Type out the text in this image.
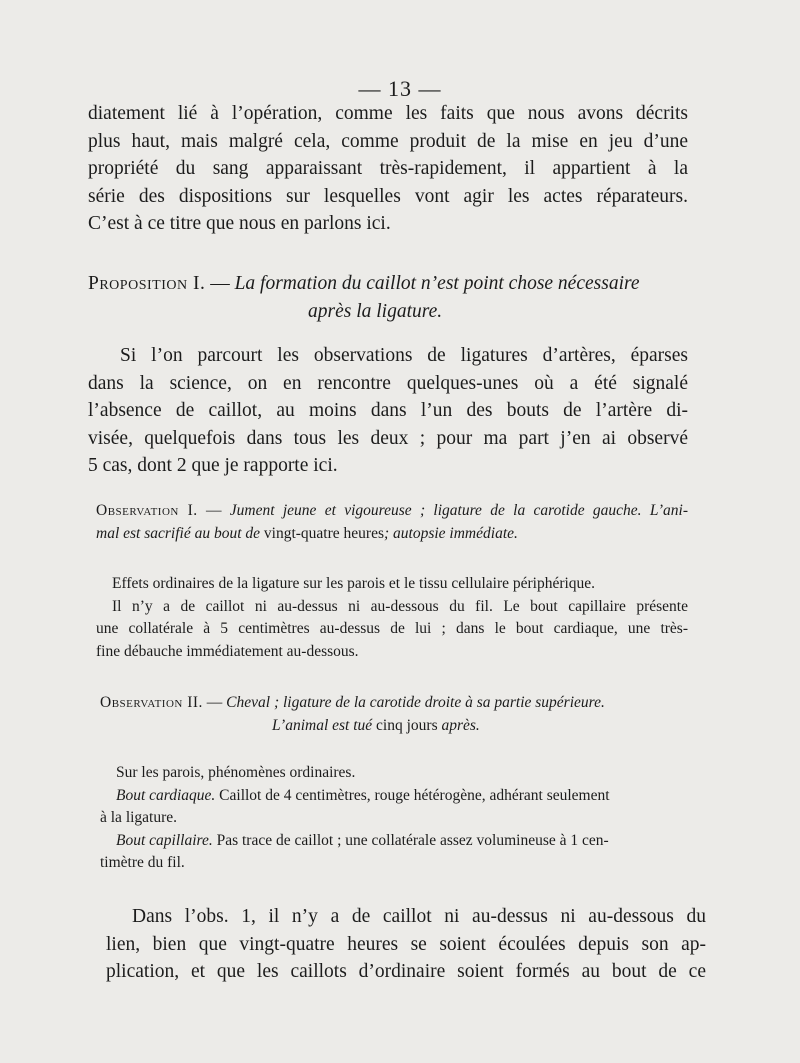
— 13 —
diatement lié à l’opération, comme les faits que nous avons décrits
plus haut, mais malgré cela, comme produit de la mise en jeu d’une
propriété du sang apparaissant très-rapidement, il appartient à la
série des dispositions sur lesquelles vont agir les actes réparateurs.
C’est à ce titre que nous en parlons ici.
Proposition I. — La formation du caillot n’est point chose nécessaire
après la ligature.
Si l’on parcourt les observations de ligatures d’artères, éparses
dans la science, on en rencontre quelques-unes où a été signalé
l’absence de caillot, au moins dans l’un des bouts de l’artère di-
visée, quelquefois dans tous les deux ; pour ma part j’en ai observé
5 cas, dont 2 que je rapporte ici.
Observation I. — Jument jeune et vigoureuse ; ligature de la carotide gauche. L’ani-
mal est sacrifié au bout de vingt-quatre heures; autopsie immédiate.
Effets ordinaires de la ligature sur les parois et le tissu cellulaire périphérique.
Il n’y a de caillot ni au-dessus ni au-dessous du fil. Le bout capillaire présente
une collatérale à 5 centimètres au-dessus de lui ; dans le bout cardiaque, une très-
fine débauche immédiatement au-dessous.
Observation II. — Cheval ; ligature de la carotide droite à sa partie supérieure.
L’animal est tué cinq jours après.
Sur les parois, phénomènes ordinaires.
Bout cardiaque. Caillot de 4 centimètres, rouge hétérogène, adhérant seulement
à la ligature.
Bout capillaire. Pas trace de caillot ; une collatérale assez volumineuse à 1 cen-
timètre du fil.
Dans l’obs. 1, il n’y a de caillot ni au-dessus ni au-dessous du
lien, bien que vingt-quatre heures se soient écoulées depuis son ap-
plication, et que les caillots d’ordinaire soient formés au bout de ce
